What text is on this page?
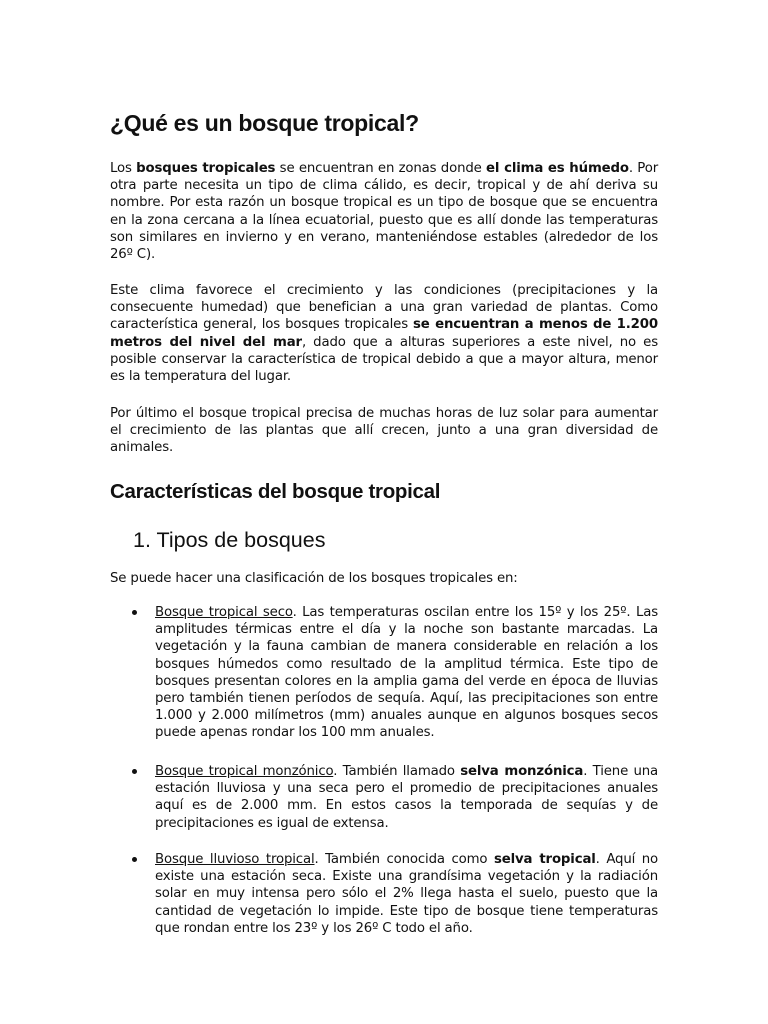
¿Qué es un bosque tropical?

Los bosques tropicales se encuentran en zonas donde el clima es húmedo. Por otra parte necesita un tipo de clima cálido, es decir, tropical y de ahí deriva su nombre. Por esta razón un bosque tropical es un tipo de bosque que se encuentra en la zona cercana a la línea ecuatorial, puesto que es allí donde las temperaturas son similares en invierno y en verano, manteniéndose estables (alrededor de los 26º C).

Este clima favorece el crecimiento y las condiciones (precipitaciones y la consecuente humedad) que benefician a una gran variedad de plantas. Como característica general, los bosques tropicales se encuentran a menos de 1.200 metros del nivel del mar, dado que a alturas superiores a este nivel, no es posible conservar la característica de tropical debido a que a mayor altura, menor es la temperatura del lugar.

Por último el bosque tropical precisa de muchas horas de luz solar para aumentar el crecimiento de las plantas que allí crecen, junto a una gran diversidad de animales.

Características del bosque tropical
1. Tipos de bosques

Se puede hacer una clasificación de los bosques tropicales en:

Bosque tropical seco. Las temperaturas oscilan entre los 15º y los 25º. Las amplitudes térmicas entre el día y la noche son bastante marcadas. La vegetación y la fauna cambian de manera considerable en relación a los bosques húmedos como resultado de la amplitud térmica. Este tipo de bosques presentan colores en la amplia gama del verde en época de lluvias pero también tienen períodos de sequía. Aquí, las precipitaciones son entre 1.000 y 2.000 milímetros (mm) anuales aunque en algunos bosques secos puede apenas rondar los 100 mm anuales.
Bosque tropical monzónico. También llamado selva monzónica. Tiene una estación lluviosa y una seca pero el promedio de precipitaciones anuales aquí es de 2.000 mm. En estos casos la temporada de sequías y de precipitaciones es igual de extensa.
Bosque lluvioso tropical. También conocida como selva tropical. Aquí no existe una estación seca. Existe una grandísima vegetación y la radiación solar en muy intensa pero sólo el 2% llega hasta el suelo, puesto que la cantidad de vegetación lo impide. Este tipo de bosque tiene temperaturas que rondan entre los 23º y los 26º C todo el año.
